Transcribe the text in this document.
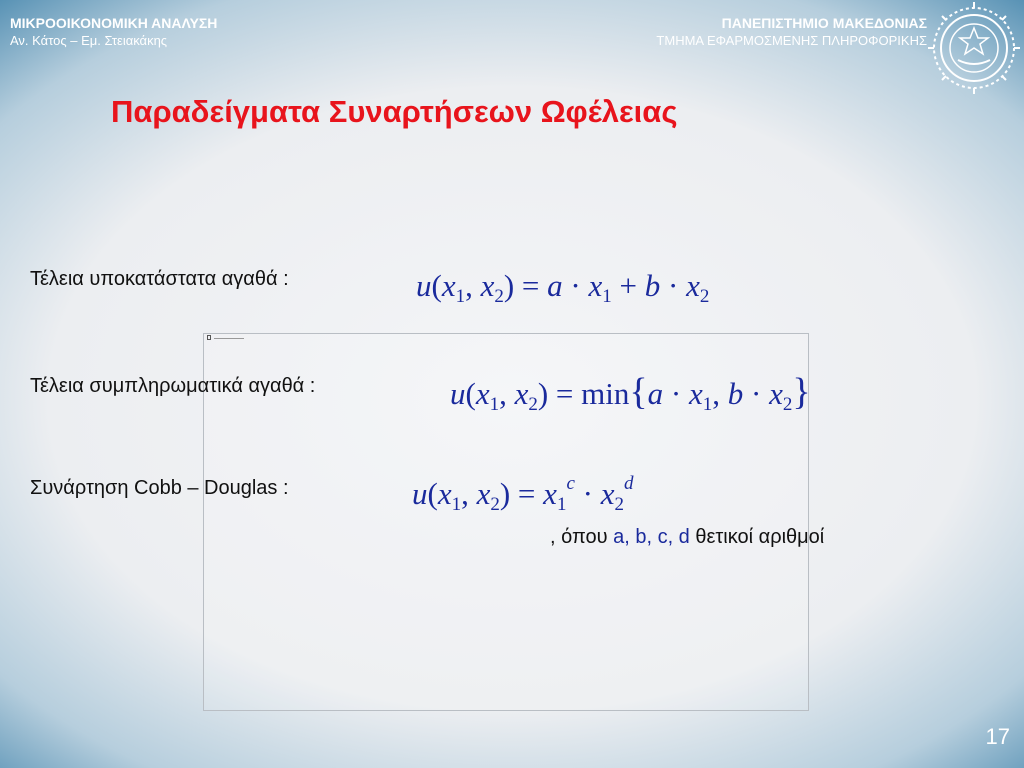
ΜΙΚΡΟΟΙΚΟΝΟΜΙΚΗ ΑΝΑΛΥΣΗ
Αν. Κάτος – Εμ. Στειακάκης
ΠΑΝΕΠΙΣΤΗΜΙΟ ΜΑΚΕΔΟΝΙΑΣ
ΤΜΗΜΑ ΕΦΑΡΜΟΣΜΕΝΗΣ ΠΛΗΡΟΦΟΡΙΚΗΣ
Παραδείγματα Συναρτήσεων Ωφέλειας
Τέλεια υποκατάστατα αγαθά :	$u(x_1$, $x_2) = a \cdot x_1 + b \cdot x_2$
Τέλεια συμπληρωματικά αγαθά :	$u(x_1$, $x_2) = \min\{a \cdot x_1$, $b \cdot x_2$}
Συνάρτηση Cobb – Douglas :	$u(x_1$, $x_2) = x_1^c \cdot x_2^d$
, όπου a, b, c, d θετικοί αριθμοί
17
